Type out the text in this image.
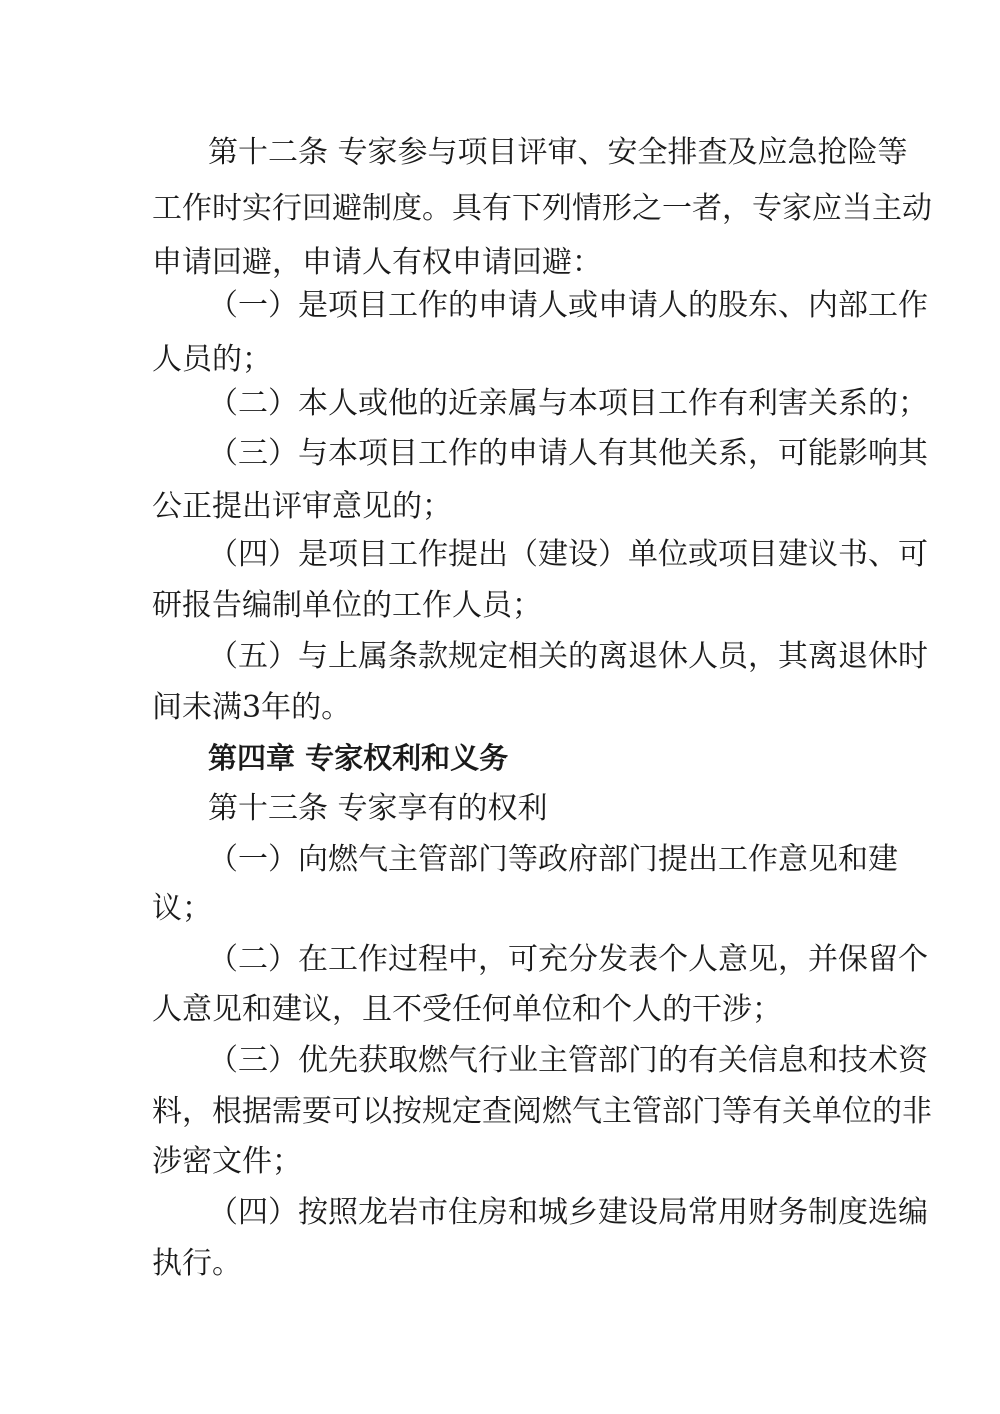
第十二条 专家参与项目评审、安全排查及应急抢险等
工作时实行回避制度。具有下列情形之一者，专家应当主动
申请回避，申请人有权申请回避：
（一）是项目工作的申请人或申请人的股东、内部工作
人员的；
（二）本人或他的近亲属与本项目工作有利害关系的；
（三）与本项目工作的申请人有其他关系，可能影响其
公正提出评审意见的；
（四）是项目工作提出（建设）单位或项目建议书、可
研报告编制单位的工作人员；
（五）与上属条款规定相关的离退休人员，其离退休时
间未满3年的。
第四章 专家权利和义务
第十三条 专家享有的权利
（一）向燃气主管部门等政府部门提出工作意见和建
议；
（二）在工作过程中，可充分发表个人意见，并保留个
人意见和建议，且不受任何单位和个人的干涉；
（三）优先获取燃气行业主管部门的有关信息和技术资
料，根据需要可以按规定查阅燃气主管部门等有关单位的非
涉密文件；
（四）按照龙岩市住房和城乡建设局常用财务制度选编
执行。
